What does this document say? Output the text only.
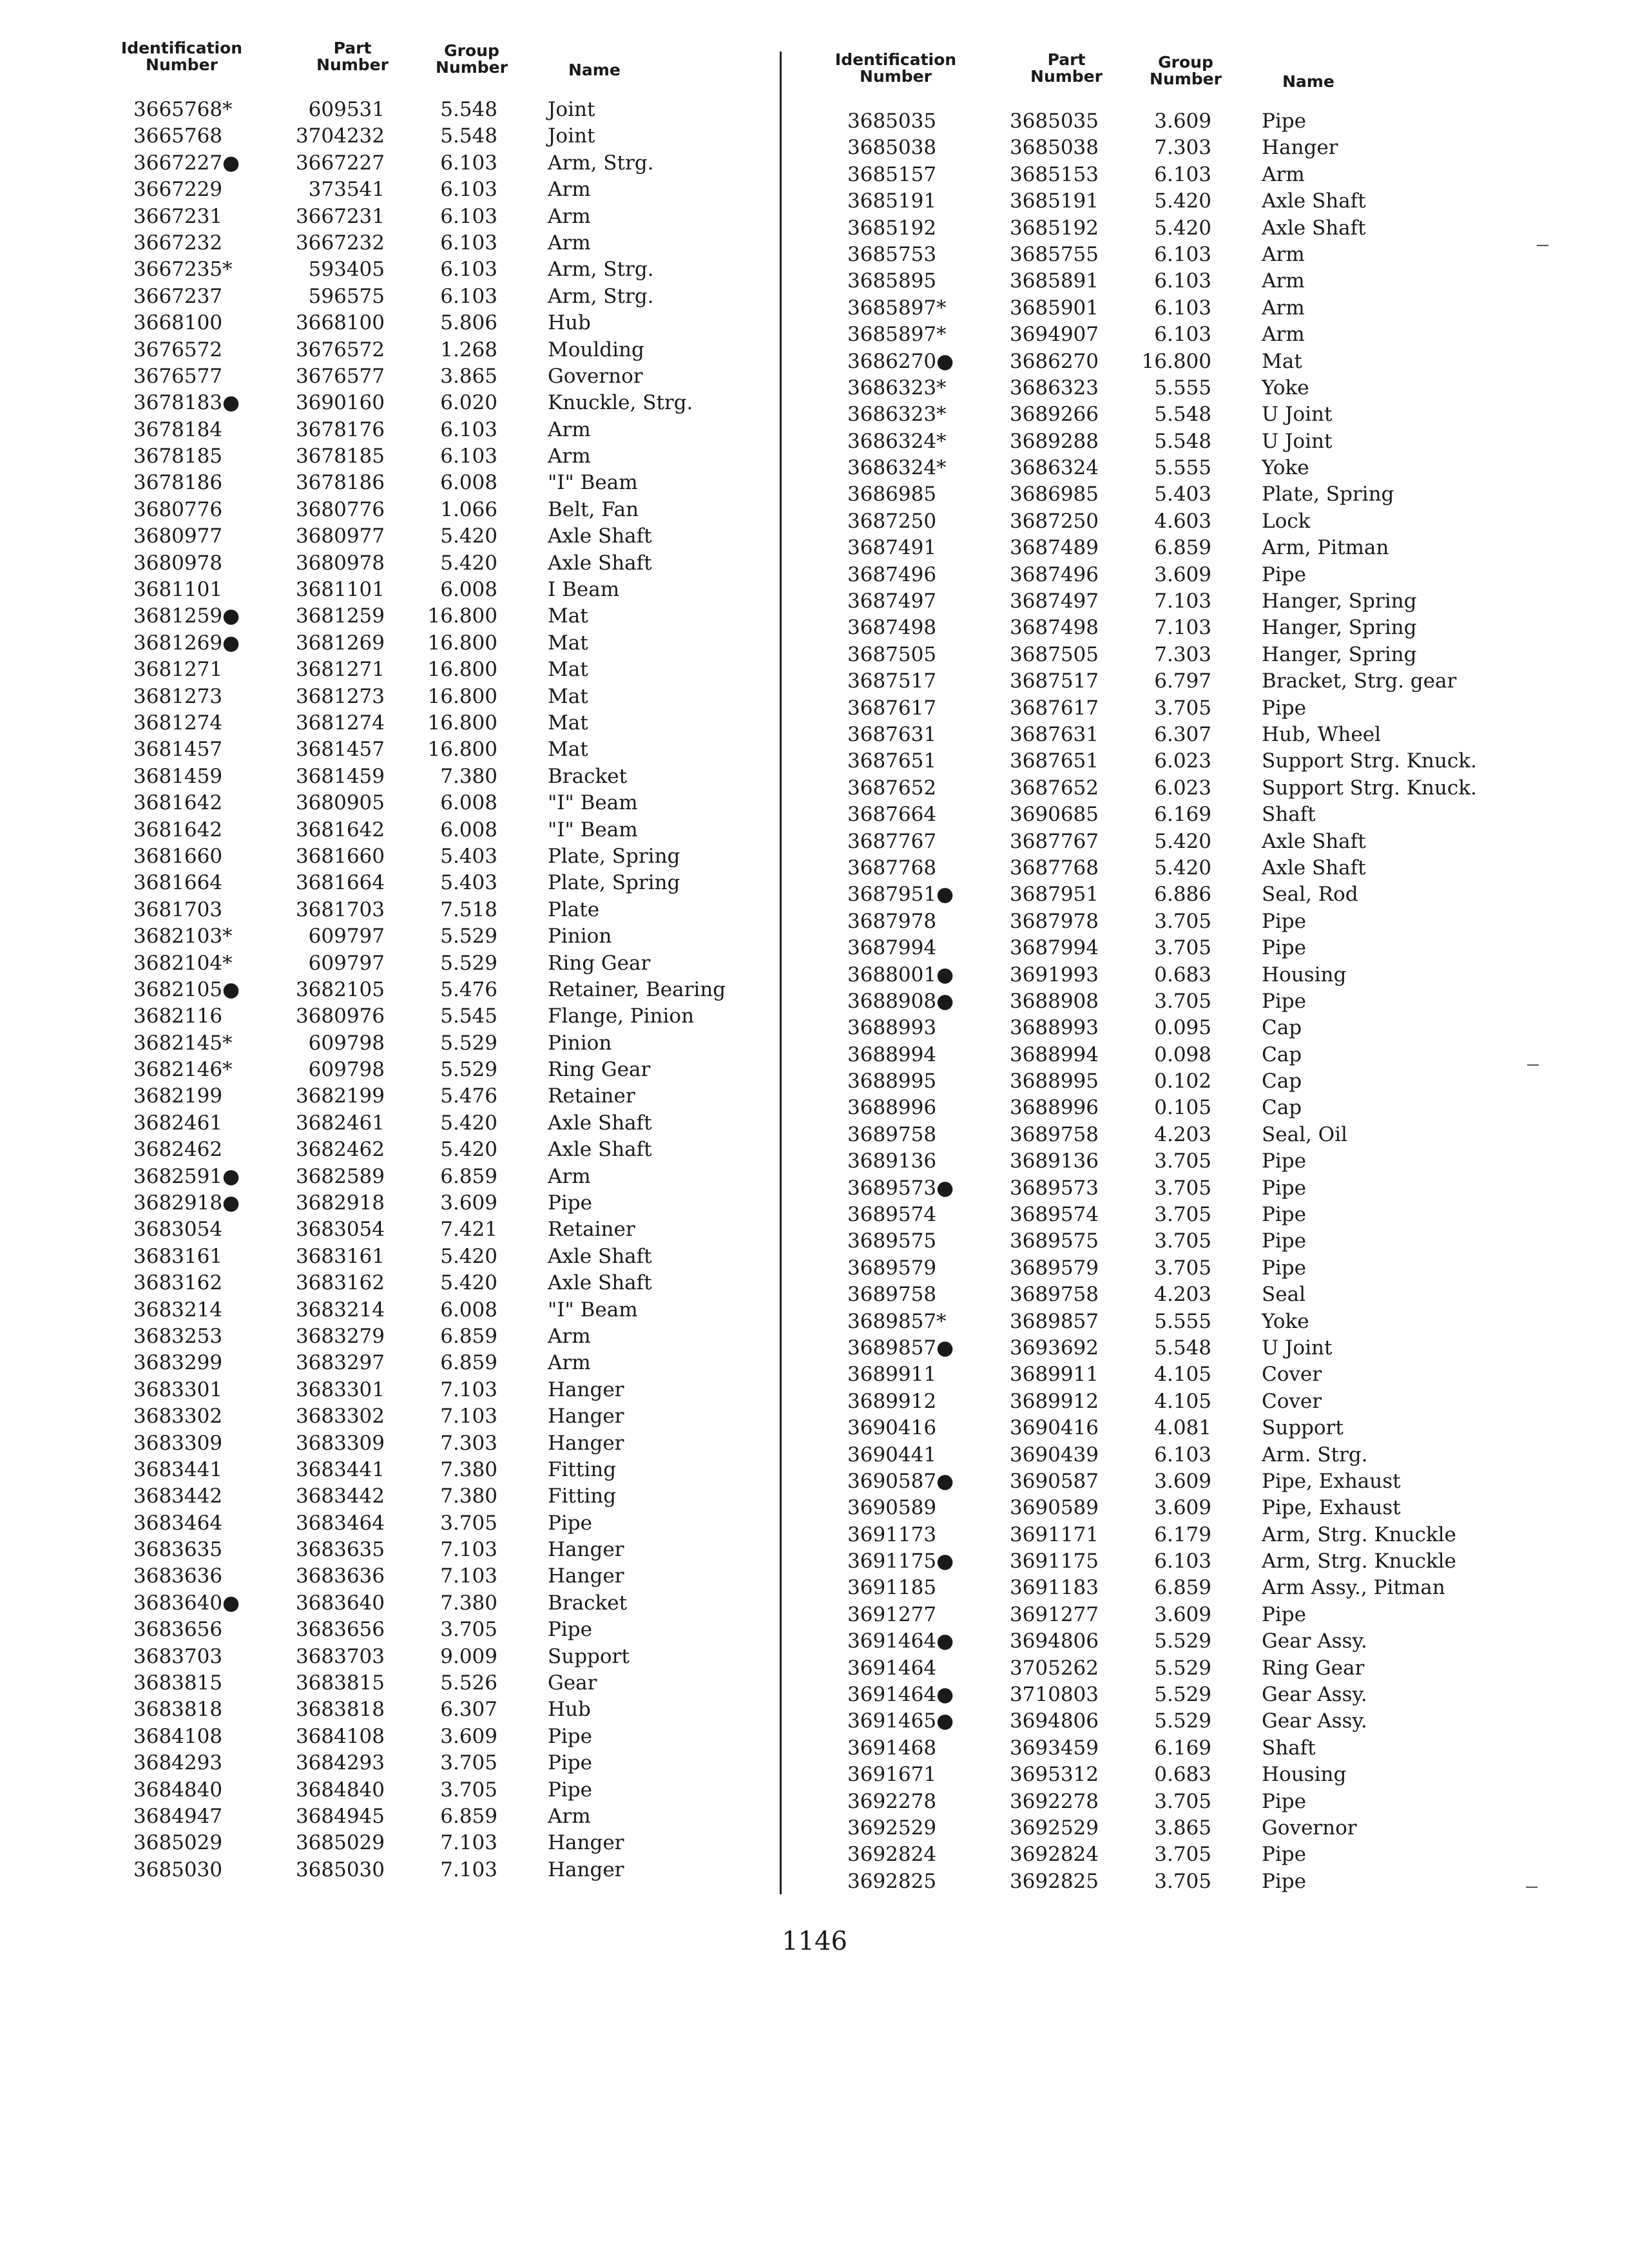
Identification
Number
Part
Number
Group
Number	Name
3665768*	609531	5.548	Joint
3665768	3704232	5.548	Joint
3667227●	3667227	6.103	Arm, Strg.
3667229	373541	6.103	Arm
3667231	3667231	6.103	Arm
3667232	3667232	6.103	Arm
3667235*	593405	6.103	Arm, Strg.
3667237	596575	6.103	Arm, Strg.
3668100	3668100	5.806	Hub
3676572	3676572	1.268	Moulding
3676577	3676577	3.865	Governor
3678183●	3690160	6.020	Knuckle, Strg.
3678184	3678176	6.103	Arm
3678185	3678185	6.103	Arm
3678186	3678186	6.008	"I" Beam
3680776	3680776	1.066	Belt, Fan
3680977	3680977	5.420	Axle Shaft
3680978	3680978	5.420	Axle Shaft
3681101	3681101	6.008	I Beam
3681259●	3681259	16.800	Mat
3681269●	3681269	16.800	Mat
3681271	3681271	16.800	Mat
3681273	3681273	16.800	Mat
3681274	3681274	16.800	Mat
3681457	3681457	16.800	Mat
3681459	3681459	7.380	Bracket
3681642	3680905	6.008	"I" Beam
3681642	3681642	6.008	"I" Beam
3681660	3681660	5.403	Plate, Spring
3681664	3681664	5.403	Plate, Spring
3681703	3681703	7.518	Plate
3682103*	609797	5.529	Pinion
3682104*	609797	5.529	Ring Gear
3682105●	3682105	5.476	Retainer, Bearing
3682116	3680976	5.545	Flange, Pinion
3682145*	609798	5.529	Pinion
3682146*	609798	5.529	Ring Gear
3682199	3682199	5.476	Retainer
3682461	3682461	5.420	Axle Shaft
3682462	3682462	5.420	Axle Shaft
3682591●	3682589	6.859	Arm
3682918●	3682918	3.609	Pipe
3683054	3683054	7.421	Retainer
3683161	3683161	5.420	Axle Shaft
3683162	3683162	5.420	Axle Shaft
3683214	3683214	6.008	"I" Beam
3683253	3683279	6.859	Arm
3683299	3683297	6.859	Arm
3683301	3683301	7.103	Hanger
3683302	3683302	7.103	Hanger
3683309	3683309	7.303	Hanger
3683441	3683441	7.380	Fitting
3683442	3683442	7.380	Fitting
3683464	3683464	3.705	Pipe
3683635	3683635	7.103	Hanger
3683636	3683636	7.103	Hanger
3683640●	3683640	7.380	Bracket
3683656	3683656	3.705	Pipe
3683703	3683703	9.009	Support
3683815	3683815	5.526	Gear
3683818	3683818	6.307	Hub
3684108	3684108	3.609	Pipe
3684293	3684293	3.705	Pipe
3684840	3684840	3.705	Pipe
3684947	3684945	6.859	Arm
3685029	3685029	7.103	Hanger
3685030	3685030	7.103	Hanger
Identification
Number
Part
Number
Group
Number	Name
3685035	3685035	3.609	Pipe
3685038	3685038	7.303	Hanger
3685157	3685153	6.103	Arm
3685191	3685191	5.420	Axle Shaft
3685192	3685192	5.420	Axle Shaft
3685753	3685755	6.103	Arm
3685895	3685891	6.103	Arm
3685897*	3685901	6.103	Arm
3685897*	3694907	6.103	Arm
3686270●	3686270	16.800	Mat
3686323*	3686323	5.555	Yoke
3686323*	3689266	5.548	U Joint
3686324*	3689288	5.548	U Joint
3686324*	3686324	5.555	Yoke
3686985	3686985	5.403	Plate, Spring
3687250	3687250	4.603	Lock
3687491	3687489	6.859	Arm, Pitman
3687496	3687496	3.609	Pipe
3687497	3687497	7.103	Hanger, Spring
3687498	3687498	7.103	Hanger, Spring
3687505	3687505	7.303	Hanger, Spring
3687517	3687517	6.797	Bracket, Strg. gear
3687617	3687617	3.705	Pipe
3687631	3687631	6.307	Hub, Wheel
3687651	3687651	6.023	Support Strg. Knuck.
3687652	3687652	6.023	Support Strg. Knuck.
3687664	3690685	6.169	Shaft
3687767	3687767	5.420	Axle Shaft
3687768	3687768	5.420	Axle Shaft
3687951●	3687951	6.886	Seal, Rod
3687978	3687978	3.705	Pipe
3687994	3687994	3.705	Pipe
3688001●	3691993	0.683	Housing
3688908●	3688908	3.705	Pipe
3688993	3688993	0.095	Cap
3688994	3688994	0.098	Cap
3688995	3688995	0.102	Cap
3688996	3688996	0.105	Cap
3689758	3689758	4.203	Seal, Oil
3689136	3689136	3.705	Pipe
3689573●	3689573	3.705	Pipe
3689574	3689574	3.705	Pipe
3689575	3689575	3.705	Pipe
3689579	3689579	3.705	Pipe
3689758	3689758	4.203	Seal
3689857*	3689857	5.555	Yoke
3689857●	3693692	5.548	U Joint
3689911	3689911	4.105	Cover
3689912	3689912	4.105	Cover
3690416	3690416	4.081	Support
3690441	3690439	6.103	Arm. Strg.
3690587●	3690587	3.609	Pipe, Exhaust
3690589	3690589	3.609	Pipe, Exhaust
3691173	3691171	6.179	Arm, Strg. Knuckle
3691175●	3691175	6.103	Arm, Strg. Knuckle
3691185	3691183	6.859	Arm Assy., Pitman
3691277	3691277	3.609	Pipe
3691464●	3694806	5.529	Gear Assy.
3691464	3705262	5.529	Ring Gear
3691464●	3710803	5.529	Gear Assy.
3691465●	3694806	5.529	Gear Assy.
3691468	3693459	6.169	Shaft
3691671	3695312	0.683	Housing
3692278	3692278	3.705	Pipe
3692529	3692529	3.865	Governor
3692824	3692824	3.705	Pipe
3692825	3692825	3.705	Pipe
1146
